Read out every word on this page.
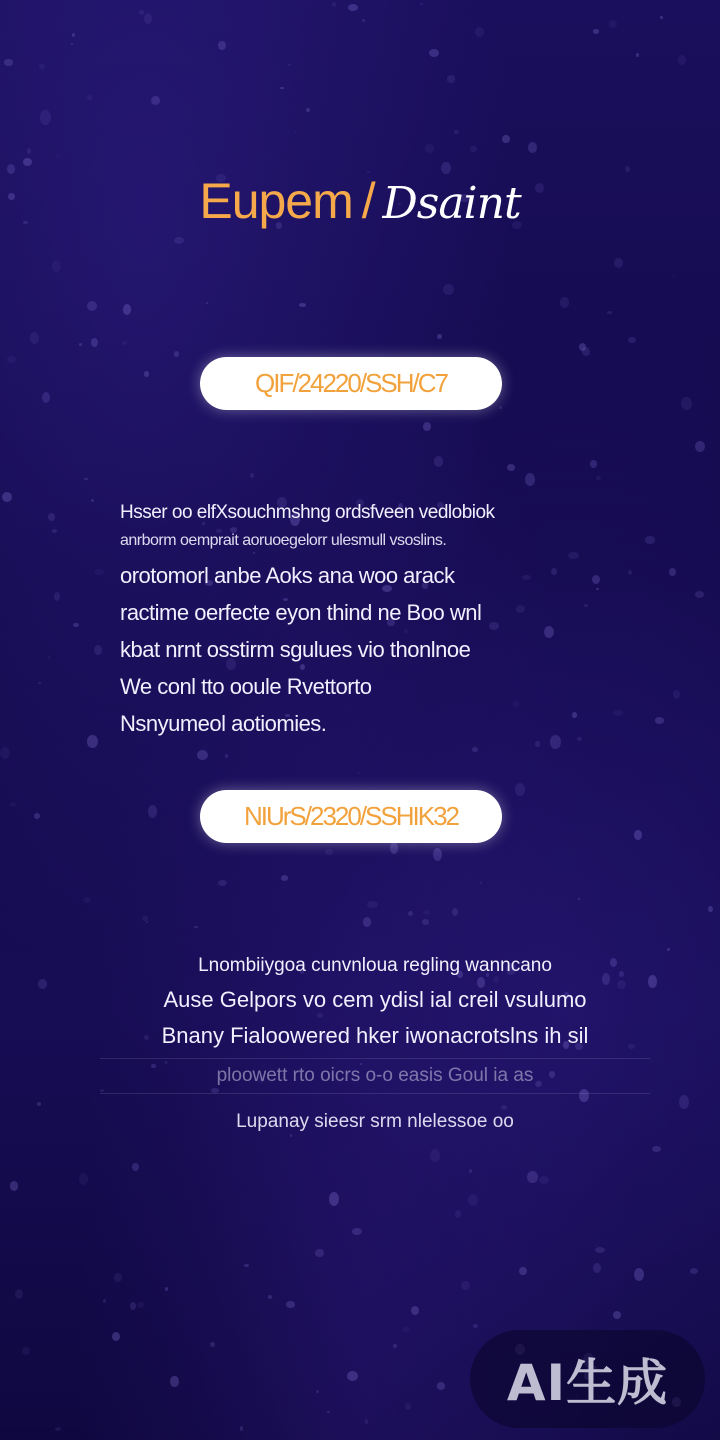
Eupem /‍ Dsaint
QIF/24220/SSH/C7

Hsser oo elfXsouchmshng ordsfveen vedlobiok

anrborm oemprait aoruoegelorr ulesmull vsoslins.

orotomorl anbe Aoks ana woo arack

ractime oerfecte eyon thind ne Boo wnl

kbat nrnt osstirm sgulues vio thonlnoe

We conl tto ooule Rvettorto

Nsnyumeol aotiomies.

NIUrS/2320/SSHIK32

Lnombiiygoa cunvnloua regling wanncano

Ause Gelpors vo cem ydisl ial creil vsulumo

Bnany Fialoowered hker iwonacrotslns ih sil

ploowett rto oicrs o-o easis Goul ia as

Lupanay sieesr srm nlelessoe oo

AI生成
